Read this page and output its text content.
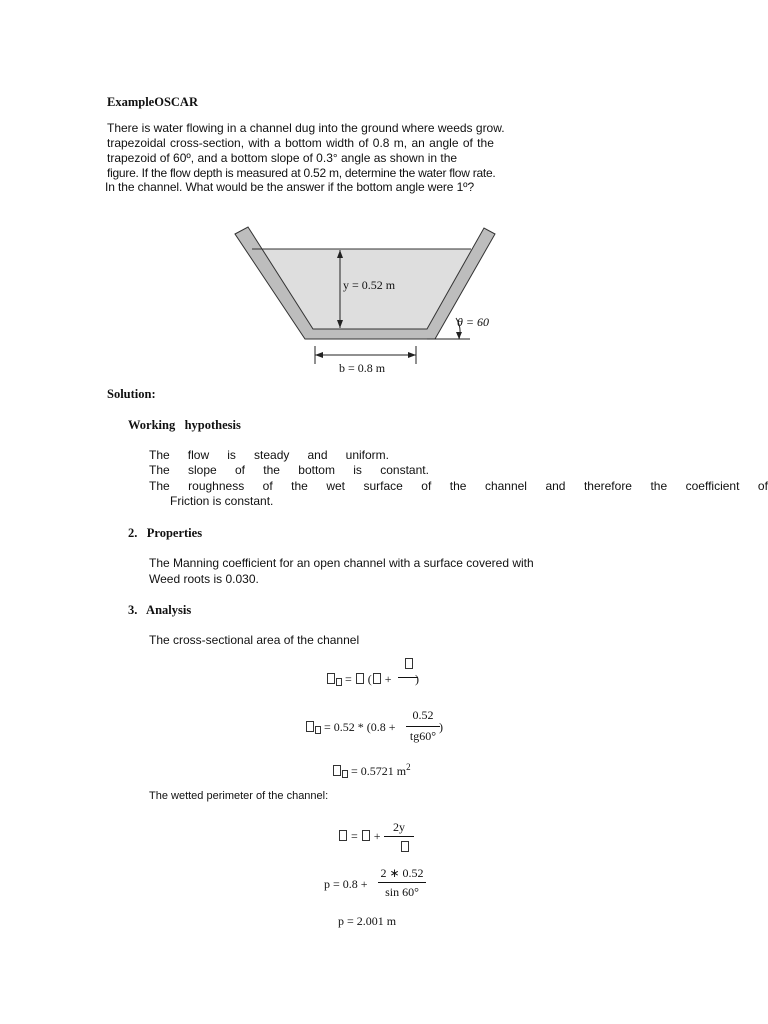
ExampleOSCAR
There is water flowing in a channel dug into the ground where weeds grow.
trapezoidal cross-section, with a bottom width of 0.8 m, an angle of the
trapezoid of 60º, and a bottom slope of 0.3° angle as shown in the
figure. If the flow depth is measured at 0.52 m, determine the water flow rate.
In the channel. What would be the answer if the bottom angle were 1º?
y = 0.52 m
θ = 60
b = 0.8 m
Solution:
Working   hypothesis
The flow is steady and uniform.
The slope of the bottom is constant.
The roughness of the wet surface of the channel and therefore the coefficient of
Friction is constant.
2.   Properties
The Manning coefficient for an open channel with a surface covered with
Weed roots is 0.030.
3.   Analysis
The cross-sectional area of the channel
=  ( + )
= 0.52 * (0.8 +
0.52
tg60°
)
= 0.5721 $m^2$
The wetted perimeter of the channel:
=  +
2y
p = 0.8 +
2 ∗ 0.52
sin 60°
p = 2.001 m
